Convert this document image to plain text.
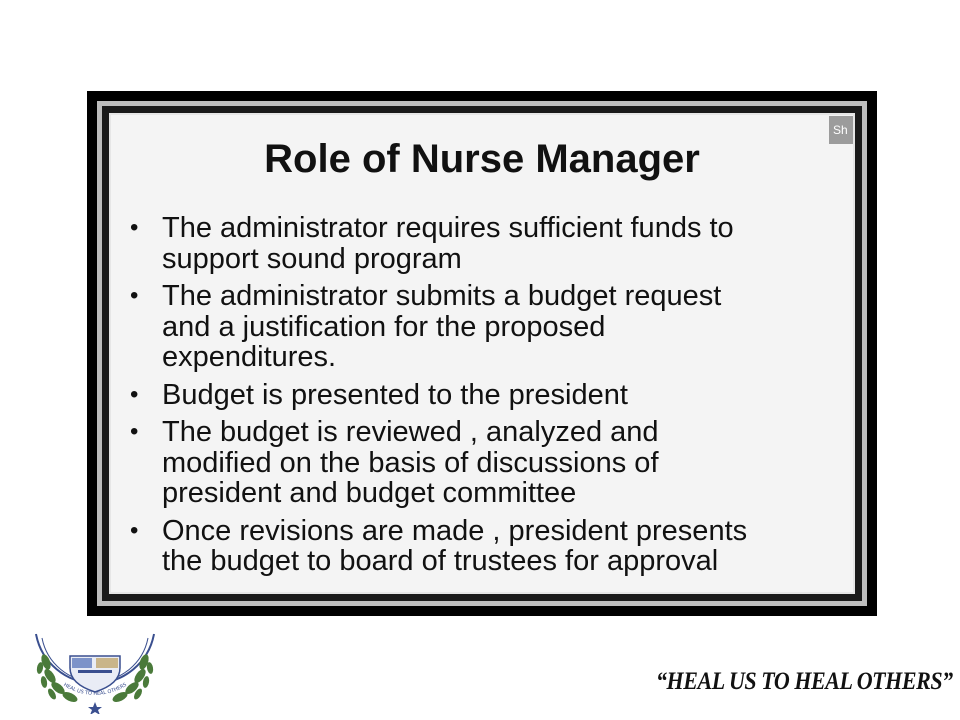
Sh
Role of Nurse Manager
• The administrator requires sufficient funds to
support sound program
• The administrator submits a budget request
and a justification for the proposed
expenditures.
• Budget is presented to the president
• The budget is reviewed , analyzed and
modified on the basis of discussions of
president and budget committee
• Once revisions are made , president presents
the budget to board of trustees for approval
HEAL US TO HEAL OTHERS	“HEAL US TO HEAL OTHERS”
